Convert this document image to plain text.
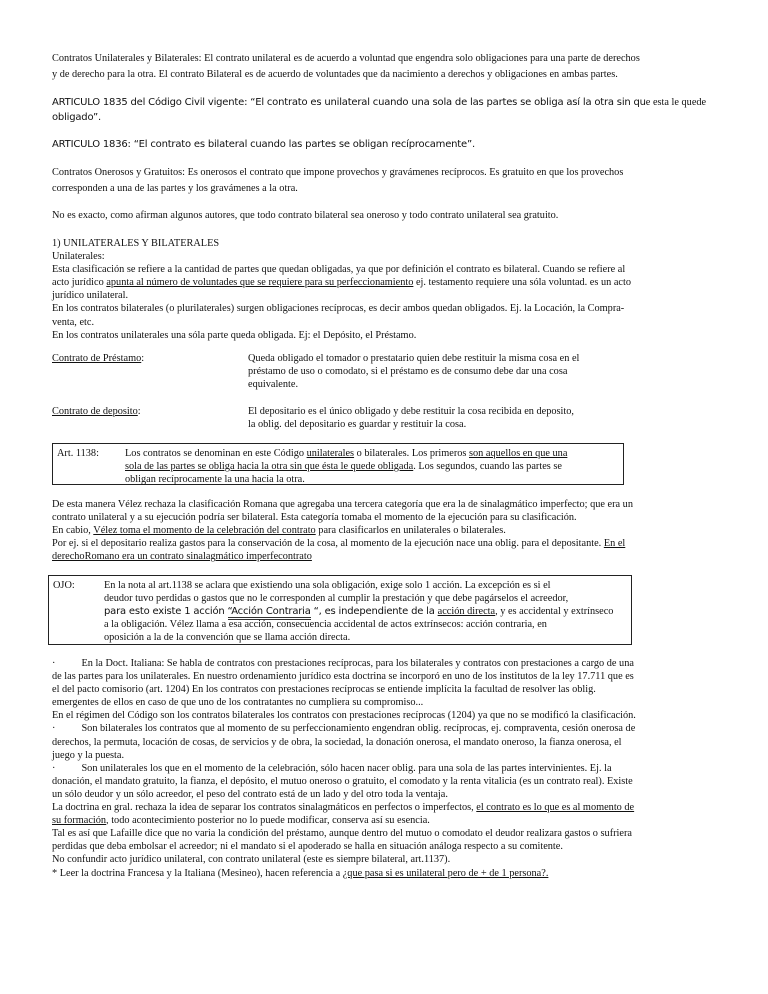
Contratos Unilaterales y Bilaterales: El contrato unilateral es de acuerdo a voluntad que engendra solo obligaciones para una parte de derechos

y de derecho para la otra. El contrato Bilateral es de acuerdo de voluntades que da nacimiento a derechos y obligaciones en ambas partes.

ARTICULO 1835 del Código Civil vigente: “El contrato es unilateral cuando una sola de las partes se obliga así la otra sin que esta le quede
obligado”.

ARTICULO 1836: “El contrato es bilateral cuando las partes se obligan recíprocamente”.

Contratos Onerosos y Gratuitos: Es onerosos el contrato que impone provechos y gravámenes recíprocos. Es gratuito en que los provechos

corresponden a una de las partes y los gravámenes a la otra.

No es exacto, como afirman algunos autores, que todo contrato bilateral sea oneroso y todo contrato unilateral sea gratuito.

1) UNILATERALES Y BILATERALES

Unilaterales:

Esta clasificación se refiere a la cantidad de partes que quedan obligadas, ya que por definición el contrato es bilateral. Cuando se refiere al

acto jurídico apunta al número de voluntades que se requiere para su perfeccionamiento ej. testamento requiere una sóla voluntad. es un acto

jurídico unilateral.

En los contratos bilaterales (o plurilaterales) surgen obligaciones recíprocas, es decir ambos quedan obligados. Ej. la Locación, la Compra-

venta, etc.

En los contratos unilaterales una sóla parte queda obligada. Ej: el Depósito, el Préstamo.

Contrato de Préstamo:	Queda obligado el tomador o prestatario quien debe restituir la misma cosa en el

préstamo de uso o comodato, si el préstamo es de consumo debe dar una cosa

equivalente.

Contrato de deposito:	El depositario es el único obligado y debe restituir la cosa recibida en deposito,

la oblig. del depositario es guardar y restituir la cosa.

Art. 1138:	Los contratos se denominan en este Código unilaterales o bilaterales. Los primeros son aquellos en que una

sola de las partes se obliga hacia la otra sin que ésta le quede obligada. Los segundos, cuando las partes se

obligan recíprocamente la una hacia la otra.

De esta manera Vélez rechaza la clasificación Romana que agregaba una tercera categoría que era la de sinalagmático imperfecto; que era un

contrato unilateral y a su ejecución podría ser bilateral. Esta categoría tomaba el momento de la ejecución para su clasificación.

En cabio, Vélez toma el momento de la celebración del contrato para clasificarlos en unilaterales o bilaterales.

Por ej. si el depositario realiza gastos para la conservación de la cosa, al momento de la ejecución nace una oblig. para el depositante. En el

derechoRomano era un contrato sinalagmático imperfecontrato

OJO:	En la nota al art.1138 se aclara que existiendo una sola obligación, exige solo 1 acción. La excepción es si el

deudor tuvo perdidas o gastos que no le corresponden al cumplir la prestación y que debe pagárselos el acreedor,

para esto existe 1 acción “Acción Contraria “, es independiente de la acción directa, y es accidental y extrínseco

a la obligación. Vélez llama a esa acción, consecuencia accidental de actos extrínsecos: acción contraria, en

oposición a la de la convención que se llama acción directa.

·	En la Doct. Italiana: Se habla de contratos con prestaciones recíprocas, para los bilaterales y contratos con prestaciones a cargo de una

de las partes para los unilaterales. En nuestro ordenamiento jurídico esta doctrina se incorporó en uno de los institutos de la ley 17.711 que es

el del pacto comisorio (art. 1204) En los contratos con prestaciones recíprocas se entiende implícita la facultad de resolver las oblig.

emergentes de ellos en caso de que uno de los contratantes no cumpliera su compromiso...

En el régimen del Código son los contratos bilaterales los contratos con prestaciones recíprocas (1204) ya que no se modificó la clasificación.

·	Son bilaterales los contratos que al momento de su perfeccionamiento engendran oblig. recíprocas, ej. compraventa, cesión onerosa de

derechos, la permuta, locación de cosas, de servicios y de obra, la sociedad, la donación onerosa, el mandato oneroso, la fianza onerosa, el

juego y la puesta.

·	Son unilaterales los que en el momento de la celebración, sólo hacen nacer oblig. para una sola de las partes intervinientes. Ej. la

donación, el mandato gratuito, la fianza, el depósito, el mutuo oneroso o gratuito, el comodato y la renta vitalicia (es un contrato real). Existe

un sólo deudor y un sólo acreedor, el peso del contrato está de un lado y del otro toda la ventaja.

La doctrina en gral. rechaza la idea de separar los contratos sinalagmáticos en perfectos o imperfectos, el contrato es lo que es al momento de

su formación, todo acontecimiento posterior no lo puede modificar, conserva así su esencia.

Tal es así que Lafaille dice que no varia la condición del préstamo, aunque dentro del mutuo o comodato el deudor realizara gastos o sufriera

perdidas que deba embolsar el acreedor; ni el mandato si el apoderado se halla en situación análoga respecto a su comitente.

No confundir acto jurídico unilateral, con contrato unilateral (este es siempre bilateral, art.1137).

* Leer la doctrina Francesa y la Italiana (Mesineo), hacen referencia a ¿que pasa si es unilateral pero de + de 1 persona?.
